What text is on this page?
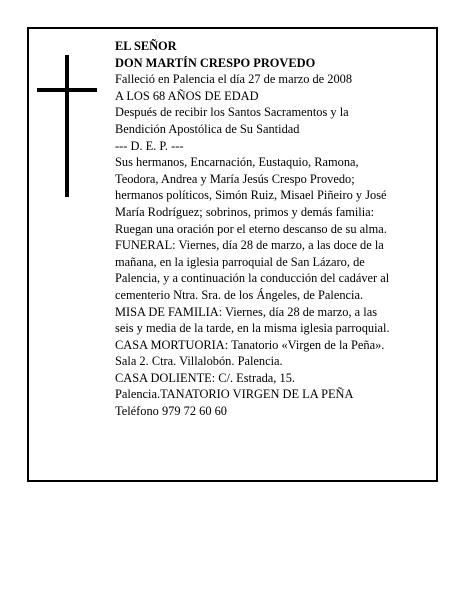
EL SEÑOR
DON MARTÍN CRESPO PROVEDO
Falleció en Palencia el día 27 de marzo de 2008
A LOS 68 AÑOS DE EDAD
Después de recibir los Santos Sacramentos y la
Bendición Apostólica de Su Santidad
--- D. E. P. ---
Sus hermanos, Encarnación, Eustaquio, Ramona,
Teodora, Andrea y María Jesús Crespo Provedo;
hermanos políticos, Simón Ruiz, Misael Piñeiro y José
María Rodríguez; sobrinos, primos y demás familia:
Ruegan una oración por el eterno descanso de su alma.
FUNERAL: Viernes, día 28 de marzo, a las doce de la
mañana, en la iglesia parroquial de San Lázaro, de
Palencia, y a continuación la conducción del cadáver al
cementerio Ntra. Sra. de los Ángeles, de Palencia.
MISA DE FAMILIA: Viernes, día 28 de marzo, a las
seis y media de la tarde, en la misma iglesia parroquial.
CASA MORTUORIA: Tanatorio «Virgen de la Peña».
Sala 2. Ctra. Villalobón. Palencia.
CASA DOLIENTE: C/. Estrada, 15.
Palencia.TANATORIO VIRGEN DE LA PEÑA
Teléfono 979 72 60 60
